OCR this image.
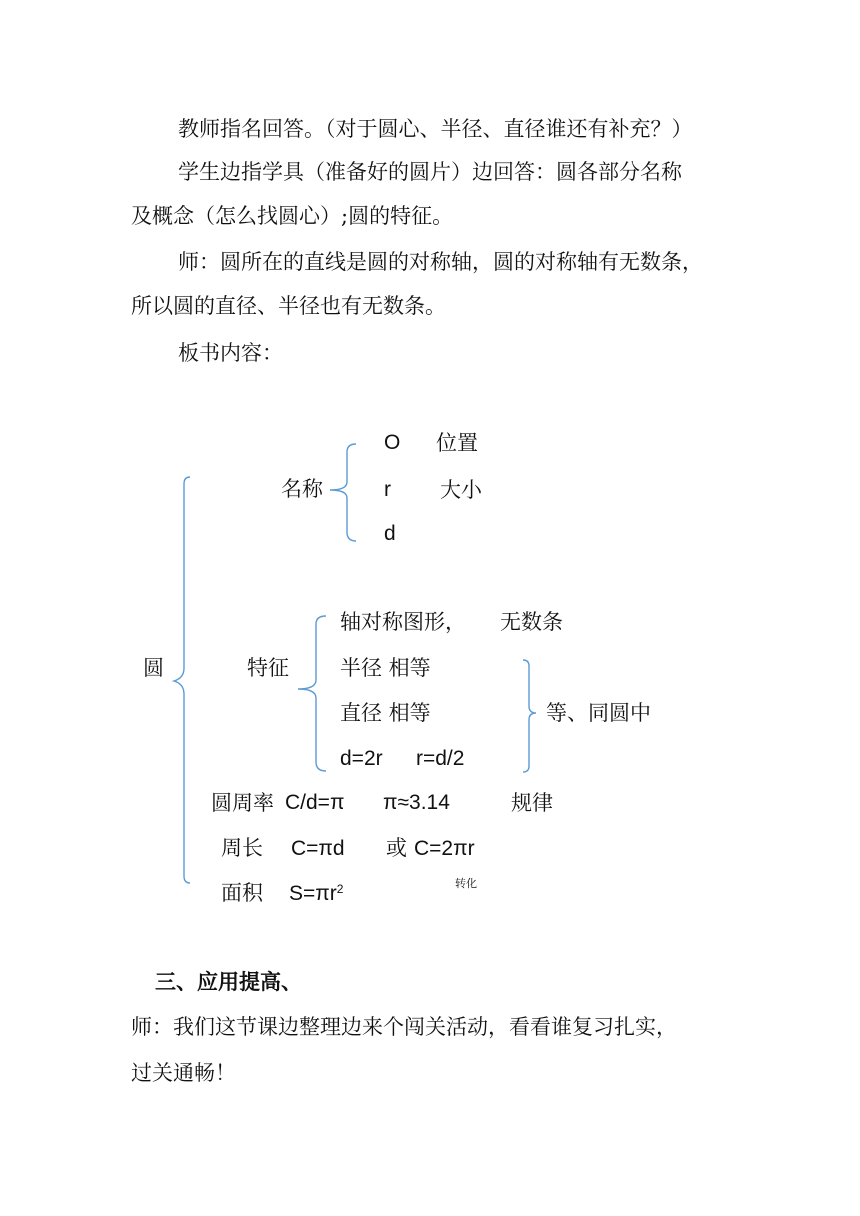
教师指名回答。（对于圆心、半径、直径谁还有补充？）
学生边指学具（准备好的圆片）边回答：圆各部分名称
及概念（怎么找圆心）;圆的特征。
师：圆所在的直线是圆的对称轴，圆的对称轴有无数条，
所以圆的直径、半径也有无数条。
板书内容：
圆
名称
O 位置
r 大小
d
特征
轴对称图形， 无数条
半径 相等
直径 相等
d=2r r=d/2
等、同圆中
圆周率 C/d=π π≈3.14	规律
周长 C=πd 或 C=2πr
面积 $S=\pi r^2$	转化
三、应用提高、
师：我们这节课边整理边来个闯关活动，看看谁复习扎实，
过关通畅！
